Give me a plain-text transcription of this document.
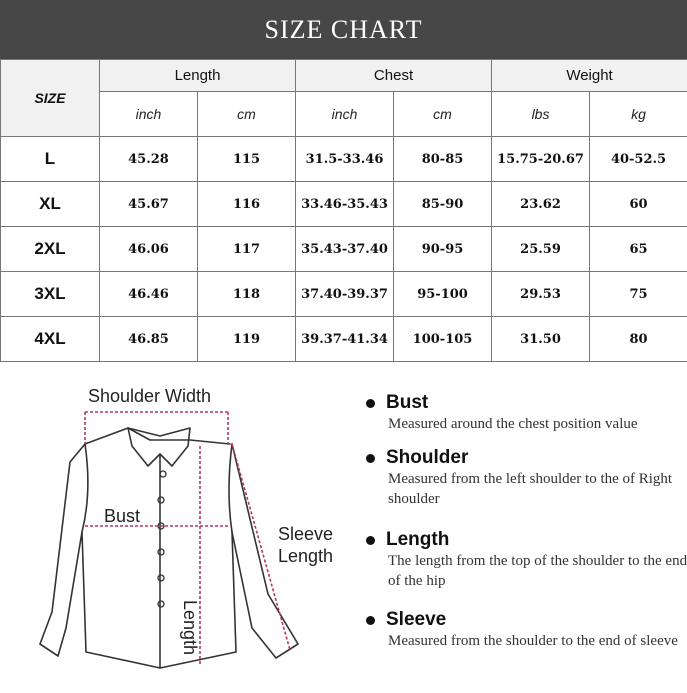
SIZE CHART
SIZE	Length		Chest		Weight	
	inch	cm	inch	cm	lbs	kg
L	45.28	115	31.5-33.46	80-85	15.75-20.67	40-52.5
XL	45.67	116	33.46-35.43	85-90	23.62	60
2XL	46.06	117	35.43-37.40	90-95	25.59	65
3XL	46.46	118	37.40-39.37	95-100	29.53	75
4XL	46.85	119	39.37-41.34	100-105	31.50	80
Shoulder Width
Bust
Length
Sleeve
Length
Bust
Measured around the chest position value
Shoulder
Measured from the left shoulder to the of Right shoulder
Length
The length from the top of the shoulder to the end of the hip
Sleeve
Measured from the shoulder to the end of sleeve
